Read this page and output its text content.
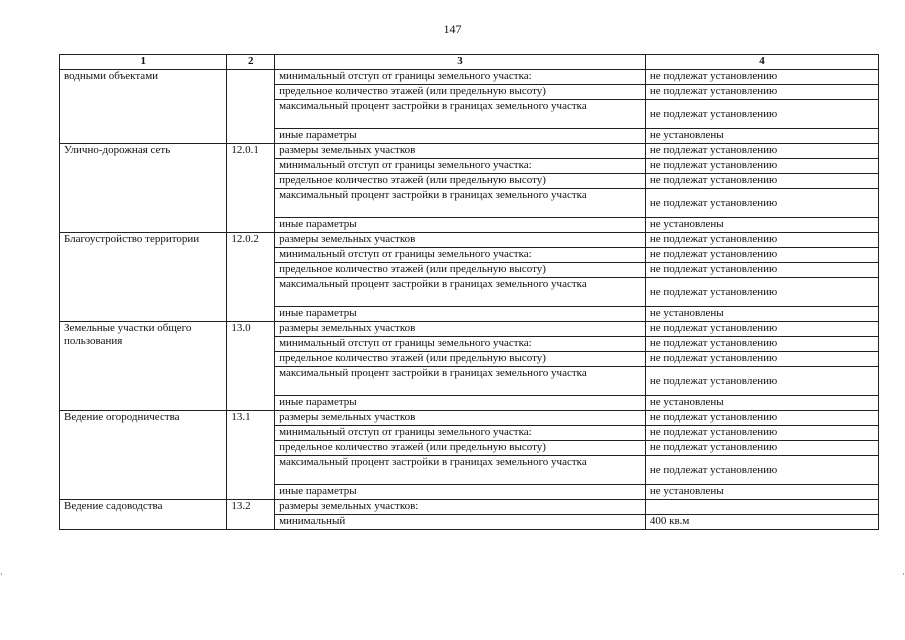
147
1	2	3	4
водными объектами		минимальный отступ от границы земельного участка:	не подлежат установлению
		предельное количество этажей (или предельную высоту)	не подлежат установлению
		максимальный процент застройки в границах земельного участка	не подлежат установлению
		иные параметры	не установлены
Улично-дорожная сеть	12.0.1	размеры земельных участков	не подлежат установлению
		минимальный отступ от границы земельного участка:	не подлежат установлению
		предельное количество этажей (или предельную высоту)	не подлежат установлению
		максимальный процент застройки в границах земельного участка	не подлежат установлению
		иные параметры	не установлены
Благоустройство территории	12.0.2	размеры земельных участков	не подлежат установлению
		минимальный отступ от границы земельного участка:	не подлежат установлению
		предельное количество этажей (или предельную высоту)	не подлежат установлению
		максимальный процент застройки в границах земельного участка	не подлежат установлению
		иные параметры	не установлены
Земельные участки общего пользования	13.0	размеры земельных участков	не подлежат установлению
		минимальный отступ от границы земельного участка:	не подлежат установлению
		предельное количество этажей (или предельную высоту)	не подлежат установлению
		максимальный процент застройки в границах земельного участка	не подлежат установлению
		иные параметры	не установлены
Ведение огородничества	13.1	размеры земельных участков	не подлежат установлению
		минимальный отступ от границы земельного участка:	не подлежат установлению
		предельное количество этажей (или предельную высоту)	не подлежат установлению
		максимальный процент застройки в границах земельного участка	не подлежат установлению
		иные параметры	не установлены
Ведение садоводства	13.2	размеры земельных участков:	
		минимальный	400 кв.м
·	·
